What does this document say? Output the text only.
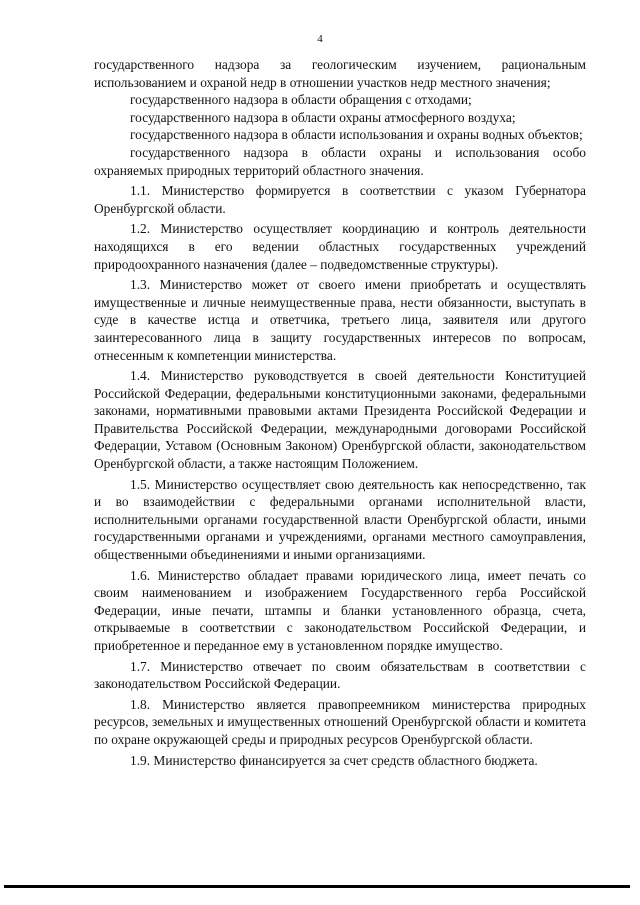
4

государственного надзора за геологическим изучением, рациональным использованием и охраной недр в отношении участков недр местного значения;

государственного надзора в области обращения с отходами;

государственного надзора в области охраны атмосферного воздуха;

государственного надзора в области использования и охраны водных объектов;

государственного надзора в области охраны и использования особо охраняемых природных территорий областного значения.

1.1. Министерство формируется в соответствии с указом Губернатора Оренбургской области.

1.2. Министерство осуществляет координацию и контроль деятельности находящихся в его ведении областных государственных учреждений природоохранного назначения (далее – подведомственные структуры).

1.3. Министерство может от своего имени приобретать и осуществлять имущественные и личные неимущественные права, нести обязанности, выступать в суде в качестве истца и ответчика, третьего лица, заявителя или другого заинтересованного лица в защиту государственных интересов по вопросам, отнесенным к компетенции министерства.

1.4. Министерство руководствуется в своей деятельности Конституцией Российской Федерации, федеральными конституционными законами, федеральными законами, нормативными правовыми актами Президента Российской Федерации и Правительства Российской Федерации, международными договорами Российской Федерации, Уставом (Основным Законом) Оренбургской области, законодательством Оренбургской области, а также настоящим Положением.

1.5. Министерство осуществляет свою деятельность как непосредственно, так и во взаимодействии с федеральными органами исполнительной власти, исполнительными органами государственной власти Оренбургской области, иными государственными органами и учреждениями, органами местного самоуправления, общественными объединениями и иными организациями.

1.6. Министерство обладает правами юридического лица, имеет печать со своим наименованием и изображением Государственного герба Российской Федерации, иные печати, штампы и бланки установленного образца, счета, открываемые в соответствии с законодательством Российской Федерации, и приобретенное и переданное ему в установленном порядке имущество.

1.7. Министерство отвечает по своим обязательствам в соответствии с законодательством Российской Федерации.

1.8. Министерство является правопреемником министерства природных ресурсов, земельных и имущественных отношений Оренбургской области и комитета по охране окружающей среды и природных ресурсов Оренбургской области.

1.9. Министерство финансируется за счет средств областного бюджета.
